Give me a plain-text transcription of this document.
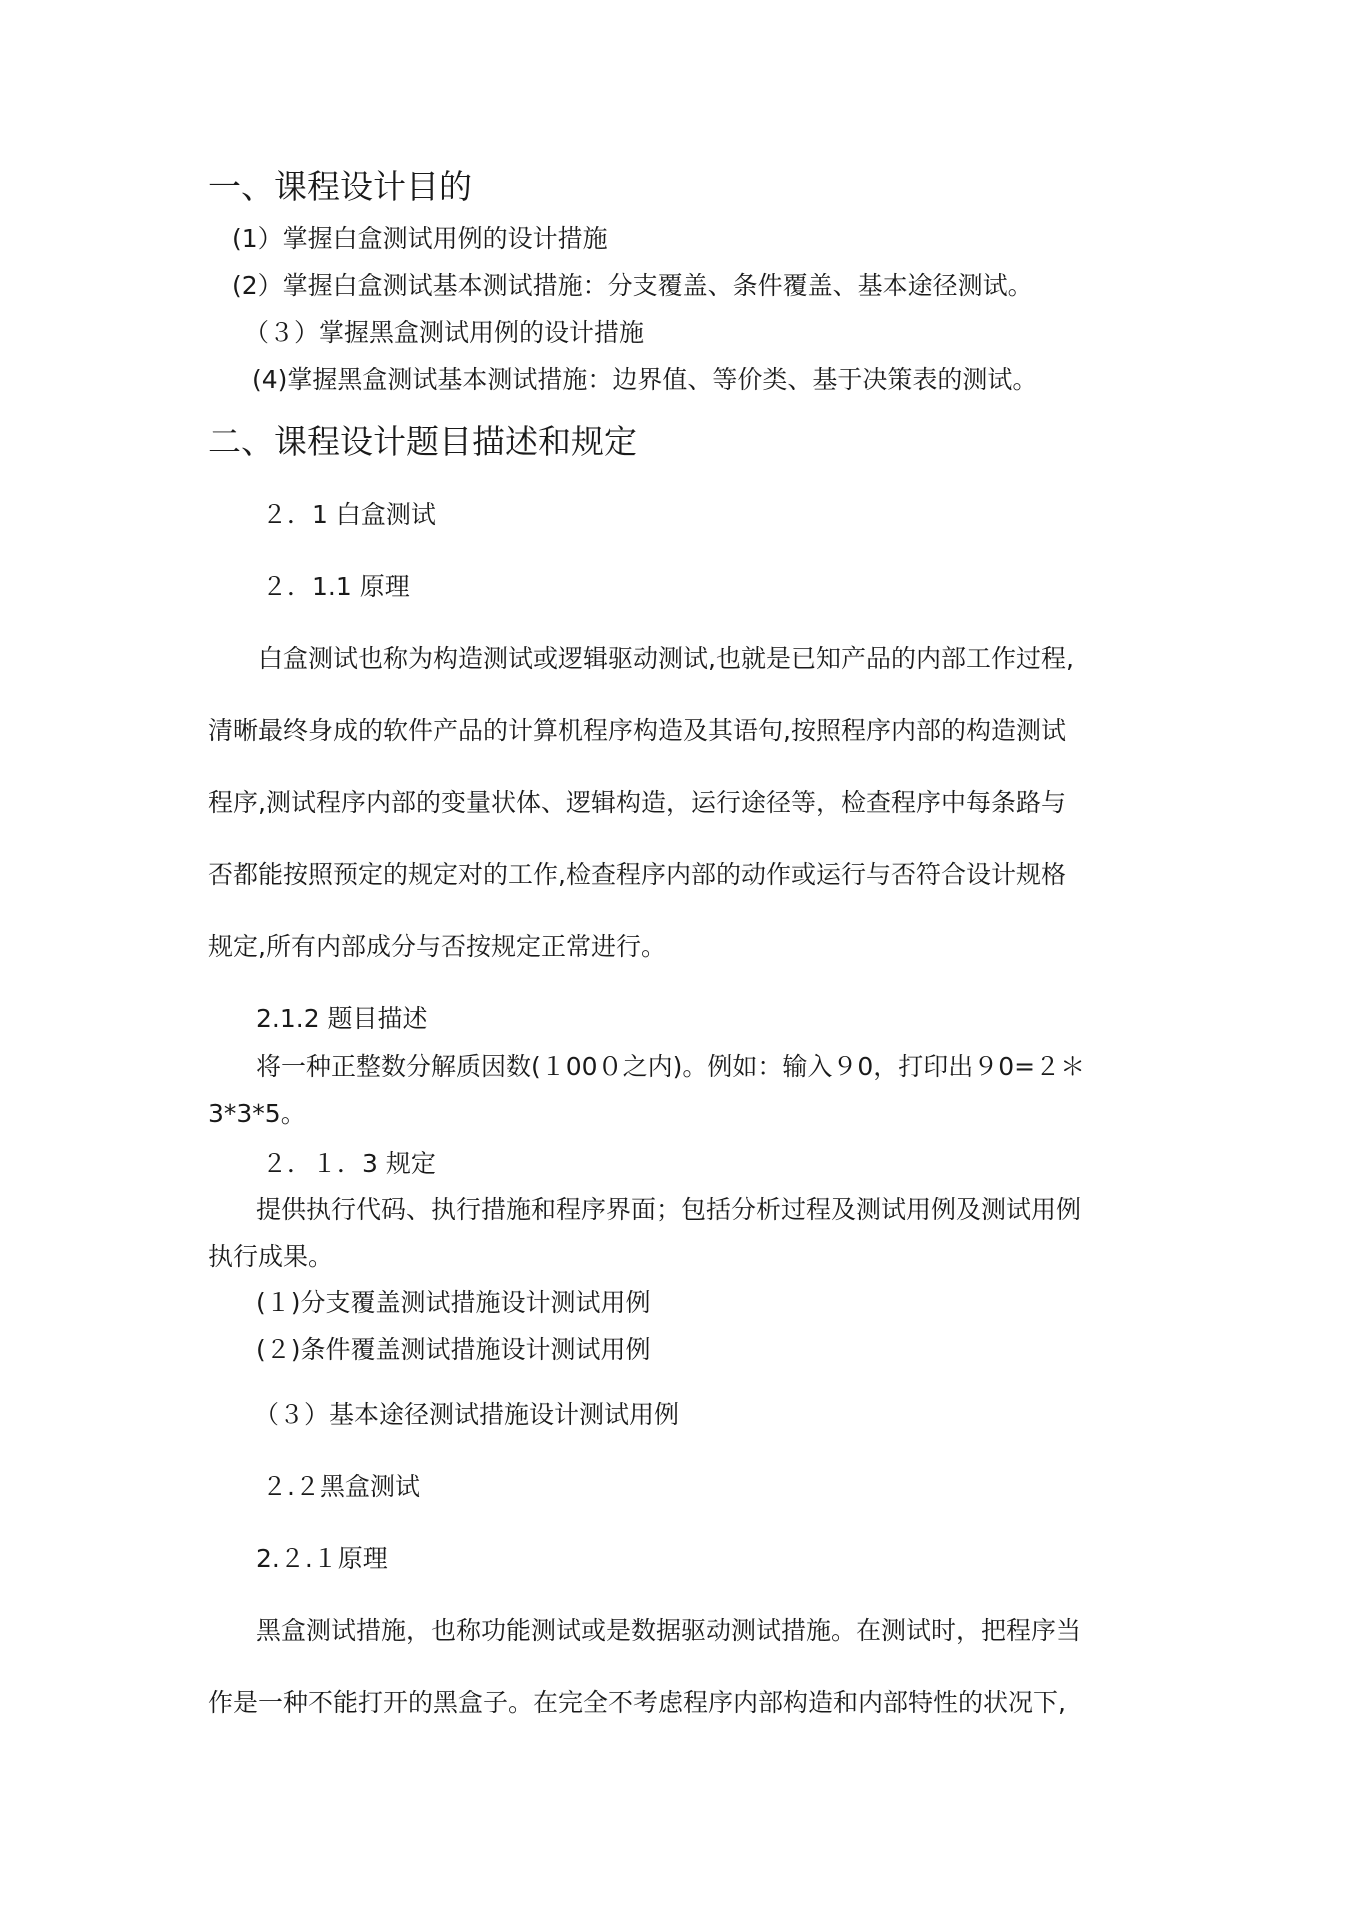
一、课程设计目的
(1）掌握白盒测试用例的设计措施
(2）掌握白盒测试基本测试措施：分支覆盖、条件覆盖、基本途径测试。
（３）掌握黑盒测试用例的设计措施
(4)掌握黑盒测试基本测试措施：边界值、等价类、基于决策表的测试。
二、课程设计题目描述和规定
２．1 白盒测试
２．1.1 原理
白盒测试也称为构造测试或逻辑驱动测试,也就是已知产品的内部工作过程,
清晰最终身成的软件产品的计算机程序构造及其语句,按照程序内部的构造测试
程序,测试程序内部的变量状体、逻辑构造，运行途径等，检查程序中每条路与
否都能按照预定的规定对的工作,检查程序内部的动作或运行与否符合设计规格
规定,所有内部成分与否按规定正常进行。
2.1.2 题目描述
将一种正整数分解质因数(１00０之内)。例如：输入９0，打印出９0=２＊
3*3*5。
２．１．3 规定
提供执行代码、执行措施和程序界面；包括分析过程及测试用例及测试用例
执行成果。
(１)分支覆盖测试措施设计测试用例
(２)条件覆盖测试措施设计测试用例
（３）基本途径测试措施设计测试用例
２.２黑盒测试
2.２.１原理
黑盒测试措施，也称功能测试或是数据驱动测试措施。在测试时，把程序当
作是一种不能打开的黑盒子。在完全不考虑程序内部构造和内部特性的状况下,
